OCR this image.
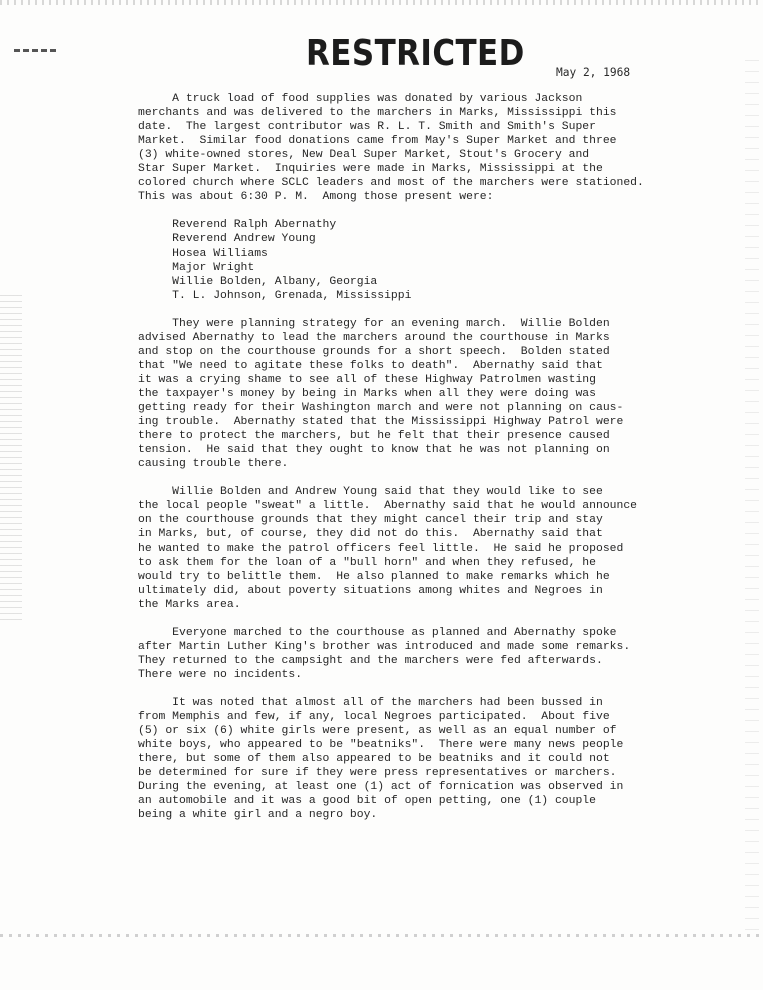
RESTRICTED	May 2, 1968
A truck load of food supplies was donated by various Jackson
merchants and was delivered to the marchers in Marks, Mississippi this
date.  The largest contributor was R. L. T. Smith and Smith's Super
Market.  Similar food donations came from May's Super Market and three
(3) white-owned stores, New Deal Super Market, Stout's Grocery and
Star Super Market.  Inquiries were made in Marks, Mississippi at the
colored church where SCLC leaders and most of the marchers were stationed.
This was about 6:30 P. M.  Among those present were:
Reverend Ralph Abernathy
Reverend Andrew Young
Hosea Williams
Major Wright
Willie Bolden, Albany, Georgia
T. L. Johnson, Grenada, Mississippi
They were planning strategy for an evening march.  Willie Bolden
advised Abernathy to lead the marchers around the courthouse in Marks
and stop on the courthouse grounds for a short speech.  Bolden stated
that "We need to agitate these folks to death".  Abernathy said that
it was a crying shame to see all of these Highway Patrolmen wasting
the taxpayer's money by being in Marks when all they were doing was
getting ready for their Washington march and were not planning on caus-
ing trouble.  Abernathy stated that the Mississippi Highway Patrol were
there to protect the marchers, but he felt that their presence caused
tension.  He said that they ought to know that he was not planning on
causing trouble there.
Willie Bolden and Andrew Young said that they would like to see
the local people "sweat" a little.  Abernathy said that he would announce
on the courthouse grounds that they might cancel their trip and stay
in Marks, but, of course, they did not do this.  Abernathy said that
he wanted to make the patrol officers feel little.  He said he proposed
to ask them for the loan of a "bull horn" and when they refused, he
would try to belittle them.  He also planned to make remarks which he
ultimately did, about poverty situations among whites and Negroes in
the Marks area.
Everyone marched to the courthouse as planned and Abernathy spoke
after Martin Luther King's brother was introduced and made some remarks.
They returned to the campsight and the marchers were fed afterwards.
There were no incidents.
It was noted that almost all of the marchers had been bussed in
from Memphis and few, if any, local Negroes participated.  About five
(5) or six (6) white girls were present, as well as an equal number of
white boys, who appeared to be "beatniks".  There were many news people
there, but some of them also appeared to be beatniks and it could not
be determined for sure if they were press representatives or marchers.
During the evening, at least one (1) act of fornication was observed in
an automobile and it was a good bit of open petting, one (1) couple
being a white girl and a negro boy.
